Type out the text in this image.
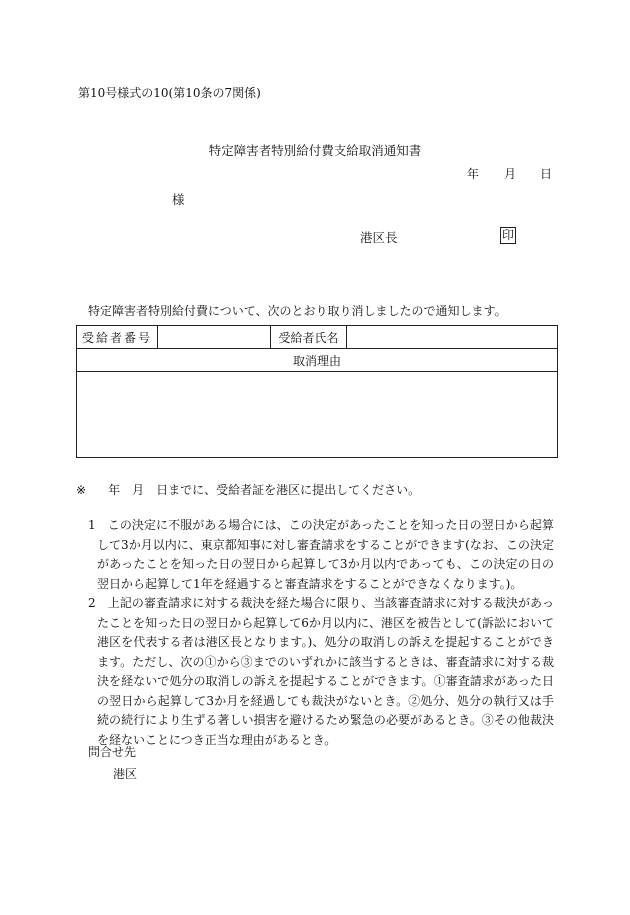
第10号様式の10(第10条の7関係)
特定障害者特別給付費支給取消通知書
年 月 日
様
港区長	印
特定障害者特別給付費について、次のとおり取り消しましたので通知します。
受給者番号		受給者氏名	
取消理由

※ 年 月 日までに、受給者証を港区に提出してください。
1　この決定に不服がある場合には、この決定があったことを知った日の翌日から起算して3か月以内に、東京都知事に対し審査請求をすることができます(なお、この決定があったことを知った日の翌日から起算して3か月以内であっても、この決定の日の翌日から起算して1年を経過すると審査請求をすることができなくなります。)。
2　上記の審査請求に対する裁決を経た場合に限り、当該審査請求に対する裁決があったことを知った日の翌日から起算して6か月以内に、港区を被告として(訴訟において港区を代表する者は港区長となります。)、処分の取消しの訴えを提起することができます。ただし、次の①から③までのいずれかに該当するときは、審査請求に対する裁決を経ないで処分の取消しの訴えを提起することができます。①審査請求があった日の翌日から起算して3か月を経過しても裁決がないとき。②処分、処分の執行又は手続の続行により生ずる著しい損害を避けるため緊急の必要があるとき。③その他裁決を経ないことにつき正当な理由があるとき。
問合せ先
港区
